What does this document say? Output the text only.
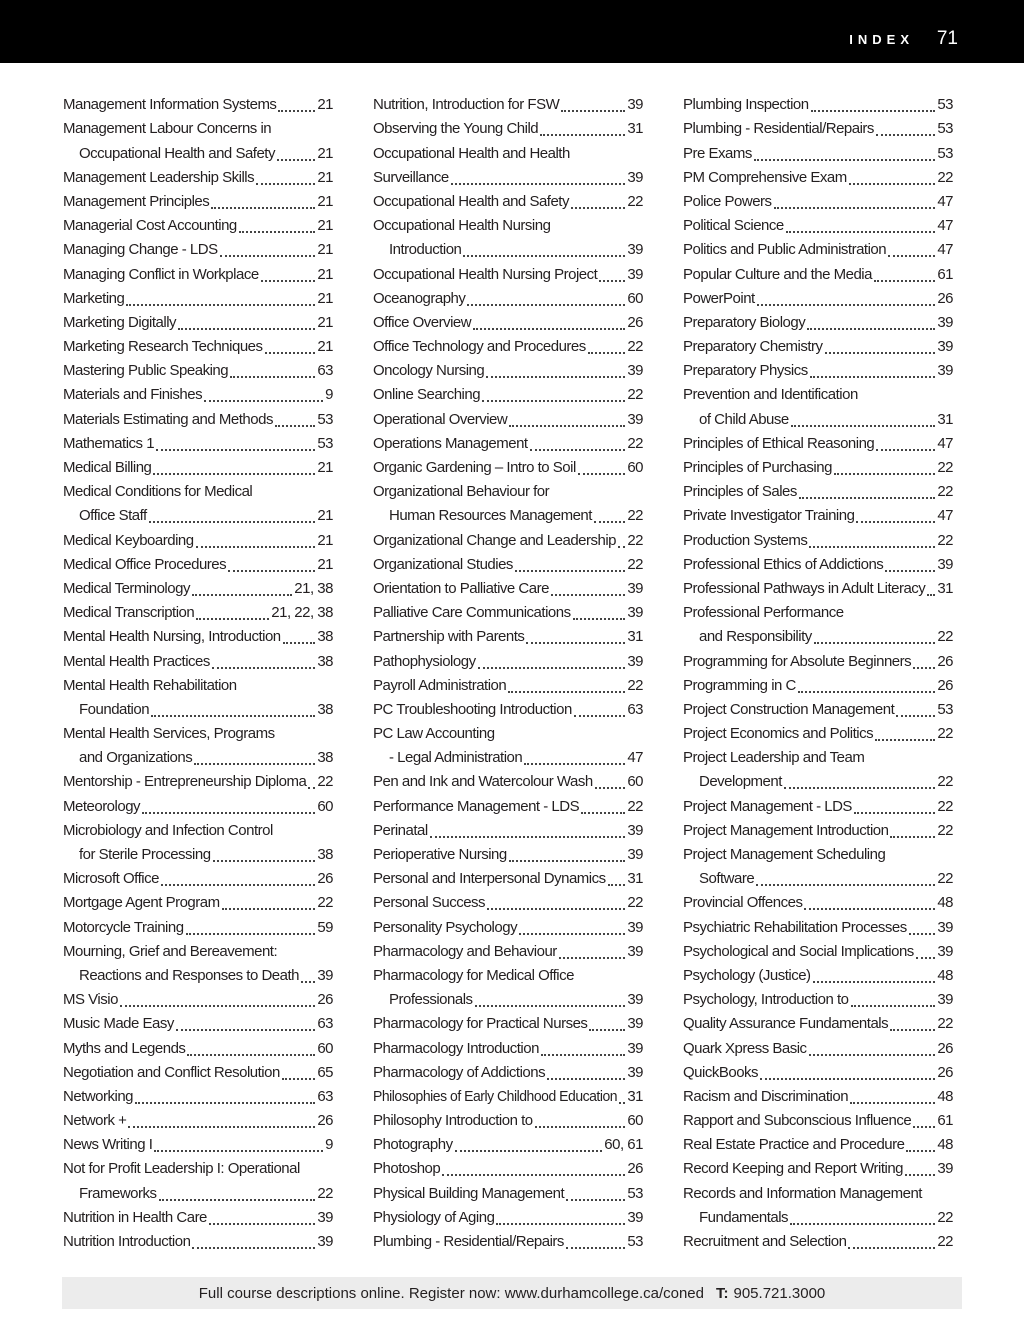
INDEX 71
Management Information Systems	21
Management Labour Concerns in
Occupational Health and Safety	21
Management Leadership Skills	21
Management Principles	21
Managerial Cost Accounting	21
Managing Change - LDS	21
Managing Conflict in Workplace	21
Marketing	21
Marketing Digitally	21
Marketing Research Techniques	21
Mastering Public Speaking	63
Materials and Finishes	9
Materials Estimating and Methods	53
Mathematics 1	53
Medical Billing	21
Medical Conditions for Medical
Office Staff	21
Medical Keyboarding	21
Medical Office Procedures	21
Medical Terminology	21, 38
Medical Transcription	21, 22, 38
Mental Health Nursing, Introduction 38
Mental Health Practices	38
Mental Health Rehabilitation
Foundation	38
Mental Health Services, Programs
and Organizations	38
Mentorship - Entrepreneurship Diploma 22
Meteorology	60
Microbiology and Infection Control
for Sterile Processing	38
Microsoft Office	26
Mortgage Agent Program	22
Motorcycle Training	59
Mourning, Grief and Bereavement:
Reactions and Responses to Death 39
MS Visio	26
Music Made Easy	63
Myths and Legends	60
Negotiation and Conflict Resolution	65
Networking	63
Network +	26
News Writing I	9
Not for Profit Leadership I: Operational
Frameworks	22
Nutrition in Health Care	39
Nutrition Introduction	39
Nutrition, Introduction for FSW	39
Observing the Young Child	31
Occupational Health and Health
Surveillance	39
Occupational Health and Safety	22
Occupational Health Nursing
Introduction	39
Occupational Health Nursing Project 39
Oceanography	60
Office Overview	26
Office Technology and Procedures	22
Oncology Nursing	39
Online Searching	22
Operational Overview	39
Operations Management	22
Organic Gardening – Intro to Soil	60
Organizational Behaviour for
Human Resources Management 22
Organizational Change and Leadership 22
Organizational Studies	22
Orientation to Palliative Care	39
Palliative Care Communications	39
Partnership with Parents	31
Pathophysiology	39
Payroll Administration	22
PC Troubleshooting Introduction	63
PC Law Accounting
- Legal Administration	47
Pen and Ink and Watercolour Wash 60
Performance Management - LDS	22
Perinatal	39
Perioperative Nursing	39
Personal and Interpersonal Dynamics 31
Personal Success	22
Personality Psychology	39
Pharmacology and Behaviour	39
Pharmacology for Medical Office
Professionals	39
Pharmacology for Practical Nurses	39
Pharmacology Introduction	39
Pharmacology of Addictions	39
Philosophies of Early Childhood Education 31
Philosophy Introduction to	60
Photography	60, 61
Photoshop	26
Physical Building Management	53
Physiology of Aging	39
Plumbing - Residential/Repairs	53
Plumbing Inspection	53
Plumbing - Residential/Repairs	53
Pre Exams	53
PM Comprehensive Exam	22
Police Powers	47
Political Science	47
Politics and Public Administration	47
Popular Culture and the Media	61
PowerPoint	26
Preparatory Biology	39
Preparatory Chemistry	39
Preparatory Physics	39
Prevention and Identification
of Child Abuse	31
Principles of Ethical Reasoning	47
Principles of Purchasing	22
Principles of Sales	22
Private Investigator Training	47
Production Systems	22
Professional Ethics of Addictions	39
Professional Pathways in Adult Literacy 31
Professional Performance
and Responsibility	22
Programming for Absolute Beginners 26
Programming in C	26
Project Construction Management	53
Project Economics and Politics	22
Project Leadership and Team
Development	22
Project Management - LDS	22
Project Management Introduction	22
Project Management Scheduling
Software	22
Provincial Offences	48
Psychiatric Rehabilitation Processes 39
Psychological and Social Implications 39
Psychology (Justice)	48
Psychology, Introduction to	39
Quality Assurance Fundamentals	22
Quark Xpress Basic	26
QuickBooks	26
Racism and Discrimination	48
Rapport and Subconscious Influence 61
Real Estate Practice and Procedure 48
Record Keeping and Report Writing 39
Records and Information Management
Fundamentals	22
Recruitment and Selection	22
Full course descriptions online. Register now: www.durhamcollege.ca/coned T: 905.721.3000
